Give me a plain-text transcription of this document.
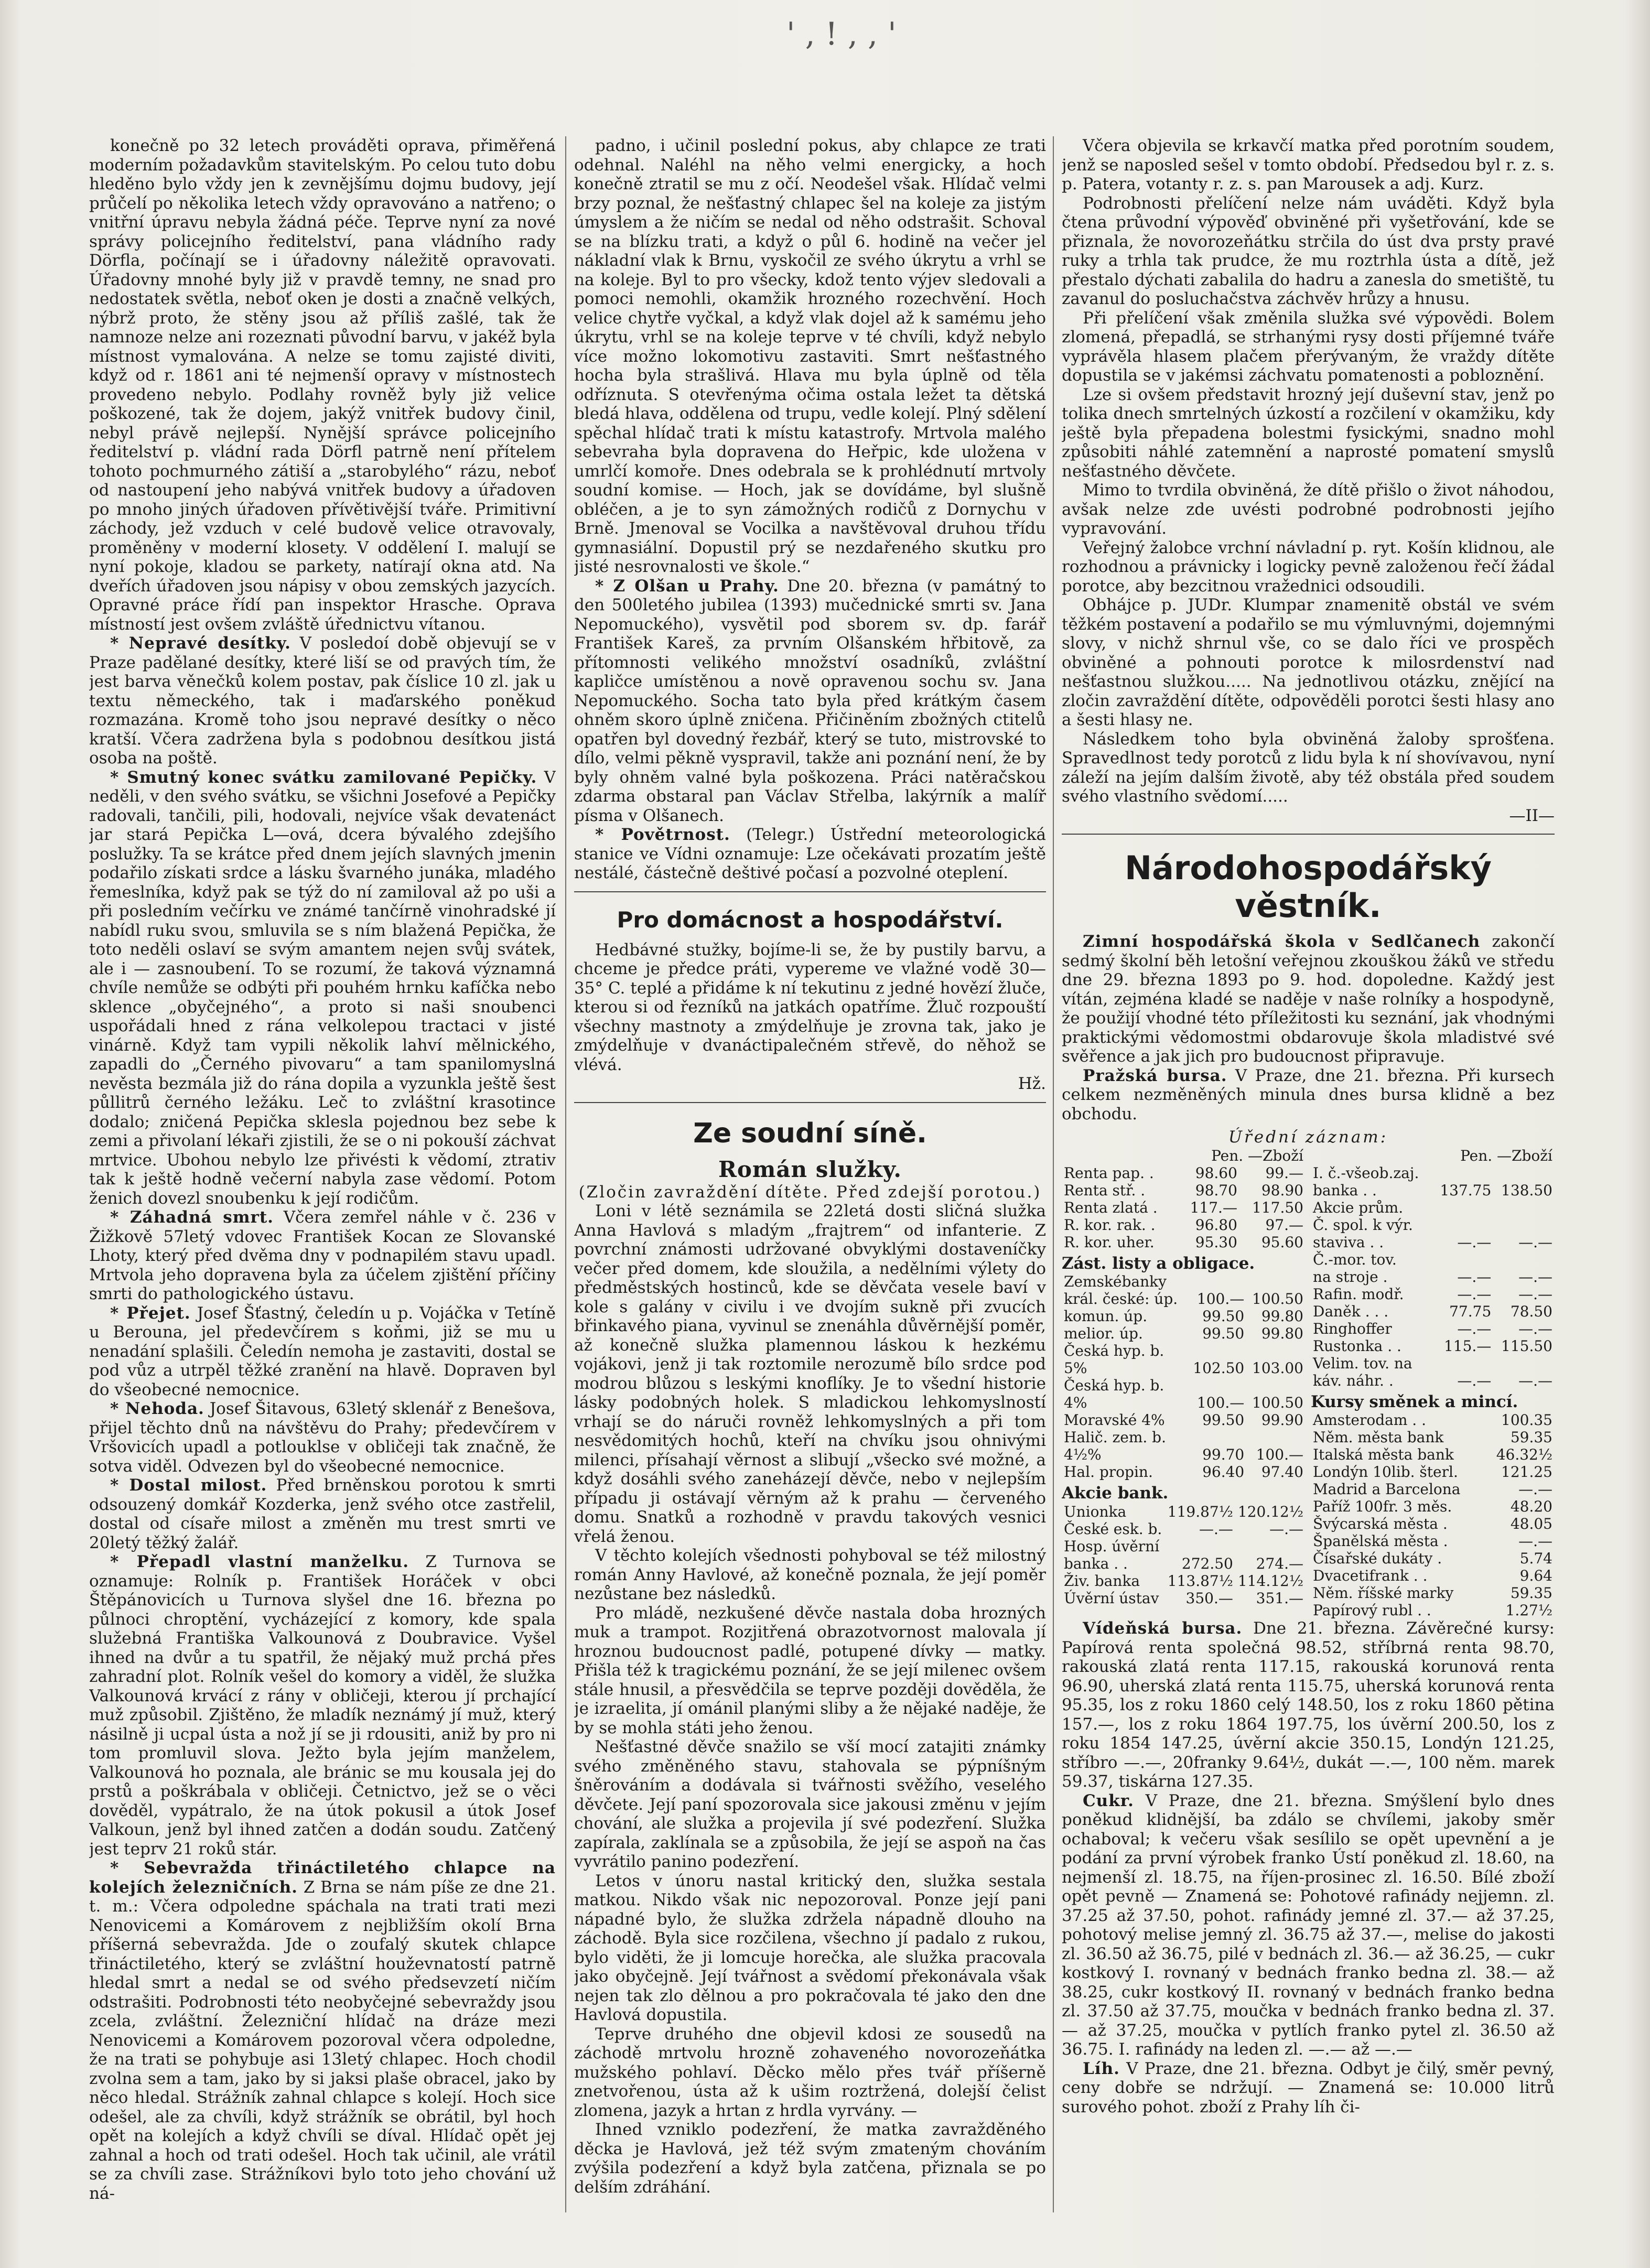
' , ! , , '

konečně po 32 letech prováděti oprava, přiměřená moderním požadavkům stavitelským. Po celou tuto dobu hleděno bylo vždy jen k zevnějšímu dojmu budovy, její průčelí po několika letech vždy opravováno a natřeno; o vnitřní úpravu nebyla žádná péče. Teprve nyní za nové správy policejního ředitelství, pana vládního rady Dörfla, počínají se i úřadovny náležitě opravovati. Úřadovny mnohé byly již v pravdě temny, ne snad pro nedostatek světla, neboť oken je dosti a značně velkých, nýbrž proto, že stěny jsou až příliš zašlé, tak že namnoze nelze ani rozeznati původní barvu, v jakéž byla místnost vymalována. A nelze se tomu zajisté diviti, když od r. 1861 ani té nejmenší opravy v místnostech provedeno nebylo. Podlahy rovněž byly již velice poškozené, tak že dojem, jakýž vnitřek budovy činil, nebyl právě nejlepší. Nynější správce policejního ředitelství p. vládní rada Dörfl patrně není přítelem tohoto pochmurného zátiší a „starobylého“ rázu, neboť od nastoupení jeho nabývá vnitřek budovy a úřadoven po mnoho jiných úřadoven přívětivější tváře. Primitivní záchody, jež vzduch v celé budově velice otravovaly, proměněny v moderní klosety. V oddělení I. malují se nyní pokoje, kladou se parkety, natírají okna atd. Na dveřích úřadoven jsou nápisy v obou zemských jazycích. Opravné práce řídí pan inspektor Hrasche. Oprava místností jest ovšem zvláště úřednictvu vítanou.

* Nepravé desítky. V posledoí době objevují se v Praze padělané desítky, které liší se od pravých tím, že jest barva věnečků kolem postav, pak číslice 10 zl. jak u textu německého, tak i maďarského poněkud rozmazána. Kromě toho jsou nepravé desítky o něco kratší. Včera zadržena byla s podobnou desítkou jistá osoba na poště.

* Smutný konec svátku zamilované Pepičky. V neděli, v den svého svátku, se všichni Josefové a Pepičky radovali, tančili, pili, hodovali, nejvíce však devatenáct jar stará Pepička L—ová, dcera bývalého zdejšího poslužky. Ta se krátce před dnem jejích slavných jmenin podařilo získati srdce a lásku švarného junáka, mladého řemeslníka, když pak se týž do ní zamiloval až po uši a při posledním večírku ve známé tančírně vinohradské jí nabídl ruku svou, smluvila se s ním blažená Pepička, že toto neděli oslaví se svým amantem nejen svůj svátek, ale i — zasnoubení. To se rozumí, že taková významná chvíle nemůže se odbýti při pouhém hrnku kafíčka nebo sklence „obyčejného“, a proto si naši snoubenci uspořádali hned z rána velkolepou tractaci v jisté vinárně. Když tam vypili několik lahví mělnického, zapadli do „Černého pivovaru“ a tam spanilomyslná nevěsta bezmála již do rána dopila a vyzunkla ještě šest půllitrů černého ležáku. Leč to zvláštní krasotince dodalo; zničená Pepička sklesla pojednou bez sebe k zemi a přivolaní lékaři zjistili, že se o ni pokouší záchvat mrtvice. Ubohou nebylo lze přivésti k vědomí, ztrativ tak k ještě hodně večerní nabyla zase vědomí. Potom ženich dovezl snoubenku k její rodičům.

* Záhadná smrt. Včera zemřel náhle v č. 236 v Žižkově 57letý vdovec František Kocan ze Slovanské Lhoty, který před dvěma dny v podnapilém stavu upadl. Mrtvola jeho dopravena byla za účelem zjištění příčiny smrti do pathologického ústavu.

* Přejet. Josef Šťastný, čeledín u p. Vojáčka v Tetíně u Berouna, jel předevčírem s koňmi, již se mu u nenadání splašili. Čeledín nemoha je zastaviti, dostal se pod vůz a utrpěl těžké zranění na hlavě. Dopraven byl do všeobecné nemocnice.

* Nehoda. Josef Šitavous, 63letý sklenář z Benešova, přijel těchto dnů na návštěvu do Prahy; předevčírem v Vršovicích upadl a potlouklse v obličeji tak značně, že sotva viděl. Odvezen byl do všeobecné nemocnice.

* Dostal milost. Před brněnskou porotou k smrti odsouzený domkář Kozderka, jenž svého otce zastřelil, dostal od císaře milost a změněn mu trest smrti ve 20letý těžký žalář.

* Přepadl vlastní manželku. Z Turnova se oznamuje: Rolník p. František Horáček v obci Štěpánovicích u Turnova slyšel dne 16. března po půlnoci chroptění, vycházející z komory, kde spala služebná Františka Valkounová z Doubravice. Vyšel ihned na dvůr a tu spatřil, že nějaký muž prchá přes zahradní plot. Rolník vešel do komory a viděl, že služka Valkounová krvácí z rány v obličeji, kterou jí prchající muž způsobil. Zjištěno, že mladík neznámý jí muž, který násilně ji ucpal ústa a nož jí se ji rdousiti, aniž by pro ni tom promluvil slova. Ježto byla jejím manželem, Valkounová ho poznala, ale bránic se mu kousala jej do prstů a poškrábala v obličeji. Četnictvo, jež se o věci dověděl, vypátralo, že na útok pokusil a útok Josef Valkoun, jenž byl ihned zatčen a dodán soudu. Zatčený jest teprv 21 roků stár.

* Sebevražda třináctiletého chlapce na kolejích železničních. Z Brna se nám píše ze dne 21. t. m.: Včera odpoledne spáchala na trati trati mezi Nenovicemi a Komárovem z nejbližším okolí Brna příšerná sebevražda. Jde o zoufalý skutek chlapce třináctiletého, který se zvláštní houževnatostí patrně hledal smrt a nedal se od svého předsevzetí ničím odstrašiti. Podrobnosti této neobyčejné sebevraždy jsou zcela, zvláštní. Železniční hlídač na dráze mezi Nenovicemi a Komárovem pozoroval včera odpoledne, že na trati se pohybuje asi 13letý chlapec. Hoch chodil zvolna sem a tam, jako by si jaksi plaše obracel, jako by něco hledal. Strážník zahnal chlapce s kolejí. Hoch sice odešel, ale za chvíli, když strážník se obrátil, byl hoch opět na kolejích a když chvíli se díval. Hlídač opět jej zahnal a hoch od trati odešel. Hoch tak učinil, ale vrátil se za chvíli zase. Strážníkovi bylo toto jeho chování už ná-

padno, i učinil poslední pokus, aby chlapce ze trati odehnal. Naléhl na něho velmi energicky, a hoch konečně ztratil se mu z očí. Neodešel však. Hlídač velmi brzy poznal, že nešťastný chlapec šel na koleje za jistým úmyslem a že ničím se nedal od něho odstrašit. Schoval se na blízku trati, a když o půl 6. hodině na večer jel nákladní vlak k Brnu, vyskočil ze svého úkrytu a vrhl se na koleje. Byl to pro všecky, kdož tento výjev sledovali a pomoci nemohli, okamžik hrozného rozechvění. Hoch velice chytře vyčkal, a když vlak dojel až k samému jeho úkrytu, vrhl se na koleje teprve v té chvíli, když nebylo více možno lokomotivu zastaviti. Smrt nešťastného hocha byla strašlivá. Hlava mu byla úplně od těla odříznuta. S otevřenýma očima ostala ležet ta dětská bledá hlava, oddělena od trupu, vedle kolejí. Plný sdělení spěchal hlídač trati k místu katastrofy. Mrtvola malého sebevraha byla dopravena do Heřpic, kde uložena v umrlčí komoře. Dnes odebrala se k prohlédnutí mrtvoly soudní komise. — Hoch, jak se dovídáme, byl slušně obléčen, a je to syn zámožných rodičů z Dornychu v Brně. Jmenoval se Vocilka a navštěvoval druhou třídu gymnasiální. Dopustil prý se nezdařeného skutku pro jisté nesrovnalosti ve škole.“

* Z Olšan u Prahy. Dne 20. března (v památný to den 500letého jubilea (1393) mučednické smrti sv. Jana Nepomuckého), vysvětil pod sborem sv. dp. farář František Kareš, za prvním Olšanském hřbitově, za přítomnosti velikého množství osadníků, zvláštní kapličce umístěnou a nově opravenou sochu sv. Jana Nepomuckého. Socha tato byla před krátkým časem ohněm skoro úplně zničena. Přičiněním zbožných ctitelů opatřen byl dovedný řezbář, který se tuto, mistrovské to dílo, velmi pěkně vyspravil, takže ani poznání není, že by byly ohněm valné byla poškozena. Práci natěračskou zdarma obstaral pan Václav Střelba, lakýrník a malíř písma v Olšanech.

* Povětrnost. (Telegr.) Ústřední meteorologická stanice ve Vídni oznamuje: Lze očekávati prozatím ještě nestálé, částečně deštivé počasí a pozvolné oteplení.

Pro domácnost a hospodářství.

Hedbávné stužky, bojíme-li se, že by pustily barvu, a chceme je předce práti, vypereme ve vlažné vodě 30—35° C. teplé a přidáme k ní tekutinu z jedné hovězí žluče, kterou si od řezníků na jatkách opatříme. Žluč rozpouští všechny mastnoty a zmýdelňuje je zrovna tak, jako je zmýdelňuje v dvanáctipalečném střevě, do něhož se vlévá.

Hž.

Ze soudní síně.

Román služky.

(Zločin zavraždění dítěte. Před zdejší porotou.)

Loni v létě seznámila se 22letá dosti sličná služka Anna Havlová s mladým „frajtrem“ od infanterie. Z povrchní známosti udržované obvyklými dostaveníčky večer před domem, kde sloužila, a nedělními výlety do předměstských hostinců, kde se děvčata vesele baví v kole s galány v civilu i ve dvojím sukně při zvucích břinkavého piana, vyvinul se znenáhla důvěrnější poměr, až konečně služka plamennou láskou k hezkému vojákovi, jenž ji tak roztomile nerozumě bílo srdce pod modrou blůzou s leskými knoflíky. Je to všední historie lásky podobných holek. S mladickou lehkomyslností vrhají se do náruči rovněž lehkomyslných a při tom nesvědomitých hochů, kteří na chvíku jsou ohnivými milenci, přísahají věrnost a slibují „všecko své možné, a když dosáhli svého zaneházejí děvče, nebo v nejlepším případu ji ostávají věrným až k prahu — červeného domu. Snatků a rozhodně v pravdu takových vesnici vřelá ženou.

V těchto kolejích všednosti pohyboval se též milostný román Anny Havlové, až konečně poznala, že její poměr nezůstane bez následků.

Pro mládě, nezkušené děvče nastala doba hrozných muk a trampot. Rozjitřená obrazotvornost malovala jí hroznou budoucnost padlé, potupené dívky — matky. Přišla též k tragickému poznání, že se její milenec ovšem stále hnusil, a přesvědčila se teprve později dověděla, že je izraelita, jí ománil planými sliby a že nějaké naděje, že by se mohla státi jeho ženou.

Nešťastné děvče snažilo se vší mocí zatajiti známky svého změněného stavu, stahovala se pýpníšným šněrováním a dodávala si tvářnosti svěžího, veselého děvčete. Její paní spozorovala sice jakousi změnu v jejím chování, ale služka a projevila jí své podezření. Služka zapírala, zaklínala se a způsobila, že její se aspoň na čas vyvrátilo panino podezření.

Letos v únoru nastal kritický den, služka sestala matkou. Nikdo však nic nepozoroval. Ponze její pani nápadné bylo, že služka zdržela nápadně dlouho na záchodě. Byla sice rozčilena, všechno jí padalo z rukou, bylo viděti, že ji lomcuje horečka, ale služka pracovala jako obyčejně. Její tvářnost a svědomí překonávala však nejen tak zlo dělnou a pro pokračovala té jako den dne Havlová dopustila.

Teprve druhého dne objevil kdosi ze sousedů na záchodě mrtvolu hrozně zohaveného novorozeňátka mužského pohlaví. Děcko mělo přes tvář příšerně znetvořenou, ústa až k ušim roztržená, dolejší čelist zlomena, jazyk a hrtan z hrdla vyrvány. —

Ihned vzniklo podezření, že matka zavražděného děcka je Havlová, jež též svým zmateným chováním zvýšila podezření a když byla zatčena, přiznala se po delším zdráhání.

Včera objevila se krkavčí matka před porotním soudem, jenž se naposled sešel v tomto období. Předsedou byl r. z. s. p. Patera, votanty r. z. s. pan Marousek a adj. Kurz.

Podrobnosti přelíčení nelze nám uváděti. Když byla čtena průvodní výpověď obviněné při vyšetřování, kde se přiznala, že novorozeňátku strčila do úst dva prsty pravé ruky a trhla tak prudce, že mu roztrhla ústa a dítě, jež přestalo dýchati zabalila do hadru a zanesla do smetiště, tu zavanul do posluchačstva záchvěv hrůzy a hnusu.

Při přelíčení však změnila služka své výpovědi. Bolem zlomená, přepadlá, se strhanými rysy dosti příjemné tváře vyprávěla hlasem plačem přerývaným, že vraždy dítěte dopustila se v jakémsi záchvatu pomatenosti a pobloznění.

Lze si ovšem představit hrozný její duševní stav, jenž po tolika dnech smrtelných úzkostí a rozčilení v okamžiku, kdy ještě byla přepadena bolestmi fysickými, snadno mohl způsobiti náhlé zatemnění a naprosté pomatení smyslů nešťastného děvčete.

Mimo to tvrdila obviněná, že dítě přišlo o život náhodou, avšak nelze zde uvésti podrobné podrobnosti jejího vypravování.

Veřejný žalobce vrchní návladní p. ryt. Košín klidnou, ale rozhodnou a právnicky i logicky pevně založenou řečí žádal porotce, aby bezcitnou vražednici odsoudili.

Obhájce p. JUDr. Klumpar znamenitě obstál ve svém těžkém postavení a podařilo se mu výmluvnými, dojemnými slovy, v nichž shrnul vše, co se dalo říci ve prospěch obviněné a pohnouti porotce k milosrdenství nad nešťastnou služkou..... Na jednotlivou otázku, znějící na zločin zavraždění dítěte, odpověděli porotci šesti hlasy ano a šesti hlasy ne.

Následkem toho byla obviněná žaloby sprošťena. Spravedlnost tedy porotců z lidu byla k ní shovívavou, nyní záleží na jejím dalším životě, aby též obstála před soudem svého vlastního svědomí.....

—II—

Národohospodářský věstník.

Zimní hospodářská škola v Sedlčanech zakončí sedmý školní běh letošní veřejnou zkouškou žáků ve středu dne 29. března 1893 po 9. hod. dopoledne. Každý jest vítán, zejména kladé se naděje v naše rolníky a hospodyně, že použijí vhodné této příležitosti ku seznání, jak vhodnými praktickými vědomostmi obdarovuje škola mladistvé své svěřence a jak jich pro budoucnost připravuje.

Pražská bursa. V Praze, dne 21. března. Při kursech celkem nezměněných minula dnes bursa klidně a bez obchodu.

Úřední záznam:

	Pen. —Zboží	
Renta pap. .	98.60	99.—
Renta stř. .	98.70	98.90
Renta zlatá .	117.—	117.50
R. kor. rak. .	96.80	97.—
R. kor. uher.	95.30	95.60

Zást. listy a obligace.

Zemskébanky		
král. české: úp.	100.—	100.50
komun. úp.	99.50	99.80
melior. úp.	99.50	99.80
Česká hyp. b.		
5%	102.50	103.00
Česká hyp. b.		
4%	100.—	100.50
Moravské 4%	99.50	99.90
Halič. zem. b.		
4½%	99.70	100.—
Hal. propin.	96.40	97.40

Akcie bank.

Unionka	119.87½	120.12½
České esk. b.	—.—	—.—
Hosp. úvěrní		
banka . .	272.50	274.—
Živ. banka	113.87½	114.12½
Úvěrní ústav	350.—	351.—
	Pen. —Zboží	
I. č.-všeob.zaj.		
banka . .	137.75	138.50
Akcie prům.		
Č. spol. k výr.		
staviva . .	—.—	—.—
Č.-mor. tov.		
na stroje .	—.—	—.—
Rafin. modř.	—.—	—.—
Daněk . . .	77.75	78.50
Ringhoffer	—.—	—.—
Rustonka . .	115.—	115.50
Velim. tov. na		
káv. náhr. .	—.—	—.—

Kursy směnek a mincí.

Amsterodam . .	100.35
Něm. města bank	59.35
Italská města bank	46.32½
Londýn 10lib. šterl.	121.25
Madrid a Barcelona	—.—
Paříž 100fr. 3 měs.	48.20
Švýcarská města .	48.05
Španělská města .	—.—
Čísařské dukáty .	5.74
Dvacetifrank . .	9.64
Něm. říšské marky	59.35
Papírový rubl . .	1.27½

Vídeňská bursa. Dne 21. března. Závěrečné kursy: Papírová renta společná 98.52, stříbrná renta 98.70, rakouská zlatá renta 117.15, rakouská korunová renta 96.90, uherská zlatá renta 115.75, uherská korunová renta 95.35, los z roku 1860 celý 148.50, los z roku 1860 pětina 157.—, los z roku 1864 197.75, los úvěrní 200.50, los z roku 1854 147.25, úvěrní akcie 350.15, Londýn 121.25, stříbro —.—, 20franky 9.64½, dukát —.—, 100 něm. marek 59.37, tiskárna 127.35.

Cukr. V Praze, dne 21. března. Smýšlení bylo dnes poněkud klidnější, ba zdálo se chvílemi, jakoby směr ochaboval; k večeru však sesílilo se opět upevnění a je podání za první výrobek franko Ústí poněkud zl. 18.60, na nejmenší zl. 18.75, na říjen-prosinec zl. 16.50. Bílé zboží opět pevně — Znamená se: Pohotové rafinády nejjemn. zl. 37.25 až 37.50, pohot. rafinády jemné zl. 37.— až 37.25, pohotový melise jemný zl. 36.75 až 37.—, melise do jakosti zl. 36.50 až 36.75, pilé v bednách zl. 36.— až 36.25, — cukr kostkový I. rovnaný v bednách franko bedna zl. 38.— až 38.25, cukr kostkový II. rovnaný v bednách franko bedna zl. 37.50 až 37.75, moučka v bednách franko bedna zl. 37.— až 37.25, moučka v pytlích franko pytel zl. 36.50 až 36.75. I. rafinády na leden zl. —.— až —.—

Líh. V Praze, dne 21. března. Odbyt je čilý, směr pevný, ceny dobře se ndržují. — Znamená se: 10.000 litrů surového pohot. zboží z Prahy líh či-
